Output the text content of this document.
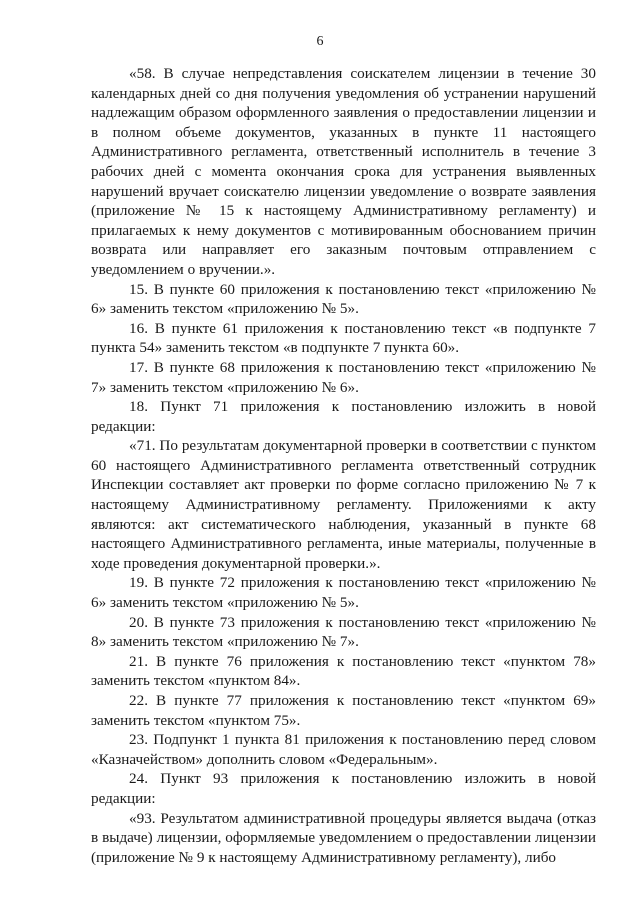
6

«58. В случае непредставления соискателем лицензии в течение 30 календарных дней со дня получения уведомления об устранении нарушений надлежащим образом оформленного заявления о предоставлении лицензии и в полном объеме документов, указанных в пункте 11 настоящего Административного регламента, ответственный исполнитель в течение 3 рабочих дней с момента окончания срока для устранения выявленных нарушений вручает соискателю лицензии уведомление о возврате заявления (приложение № 15 к настоящему Административному регламенту) и прилагаемых к нему документов с мотивированным обоснованием причин возврата или направляет его заказным почтовым отправлением с уведомлением о вручении.».

15. В пункте 60 приложения к постановлению текст «приложению № 6» заменить текстом «приложению № 5».

16. В пункте 61 приложения к постановлению текст «в подпункте 7 пункта 54» заменить текстом «в подпункте 7 пункта 60».

17. В пункте 68 приложения к постановлению текст «приложению № 7» заменить текстом «приложению № 6».

18. Пункт 71 приложения к постановлению изложить в новой редакции:

«71. По результатам документарной проверки в соответствии с пунктом 60 настоящего Административного регламента ответственный сотрудник Инспекции составляет акт проверки по форме согласно приложению № 7 к настоящему Административному регламенту. Приложениями к акту являются: акт систематического наблюдения, указанный в пункте 68 настоящего Административного регламента, иные материалы, полученные в ходе проведения документарной проверки.».

19. В пункте 72 приложения к постановлению текст «приложению № 6» заменить текстом «приложению № 5».

20. В пункте 73 приложения к постановлению текст «приложению № 8» заменить текстом «приложению № 7».

21. В пункте 76 приложения к постановлению текст «пунктом 78» заменить текстом «пунктом 84».

22. В пункте 77 приложения к постановлению текст «пунктом 69» заменить текстом «пунктом 75».

23. Подпункт 1 пункта 81 приложения к постановлению перед словом «Казначейством» дополнить словом «Федеральным».

24. Пункт 93 приложения к постановлению изложить в новой редакции:

«93. Результатом административной процедуры является выдача (отказ в выдаче) лицензии, оформляемые уведомлением о предоставлении лицензии (приложение № 9 к настоящему Административному регламенту), либо
